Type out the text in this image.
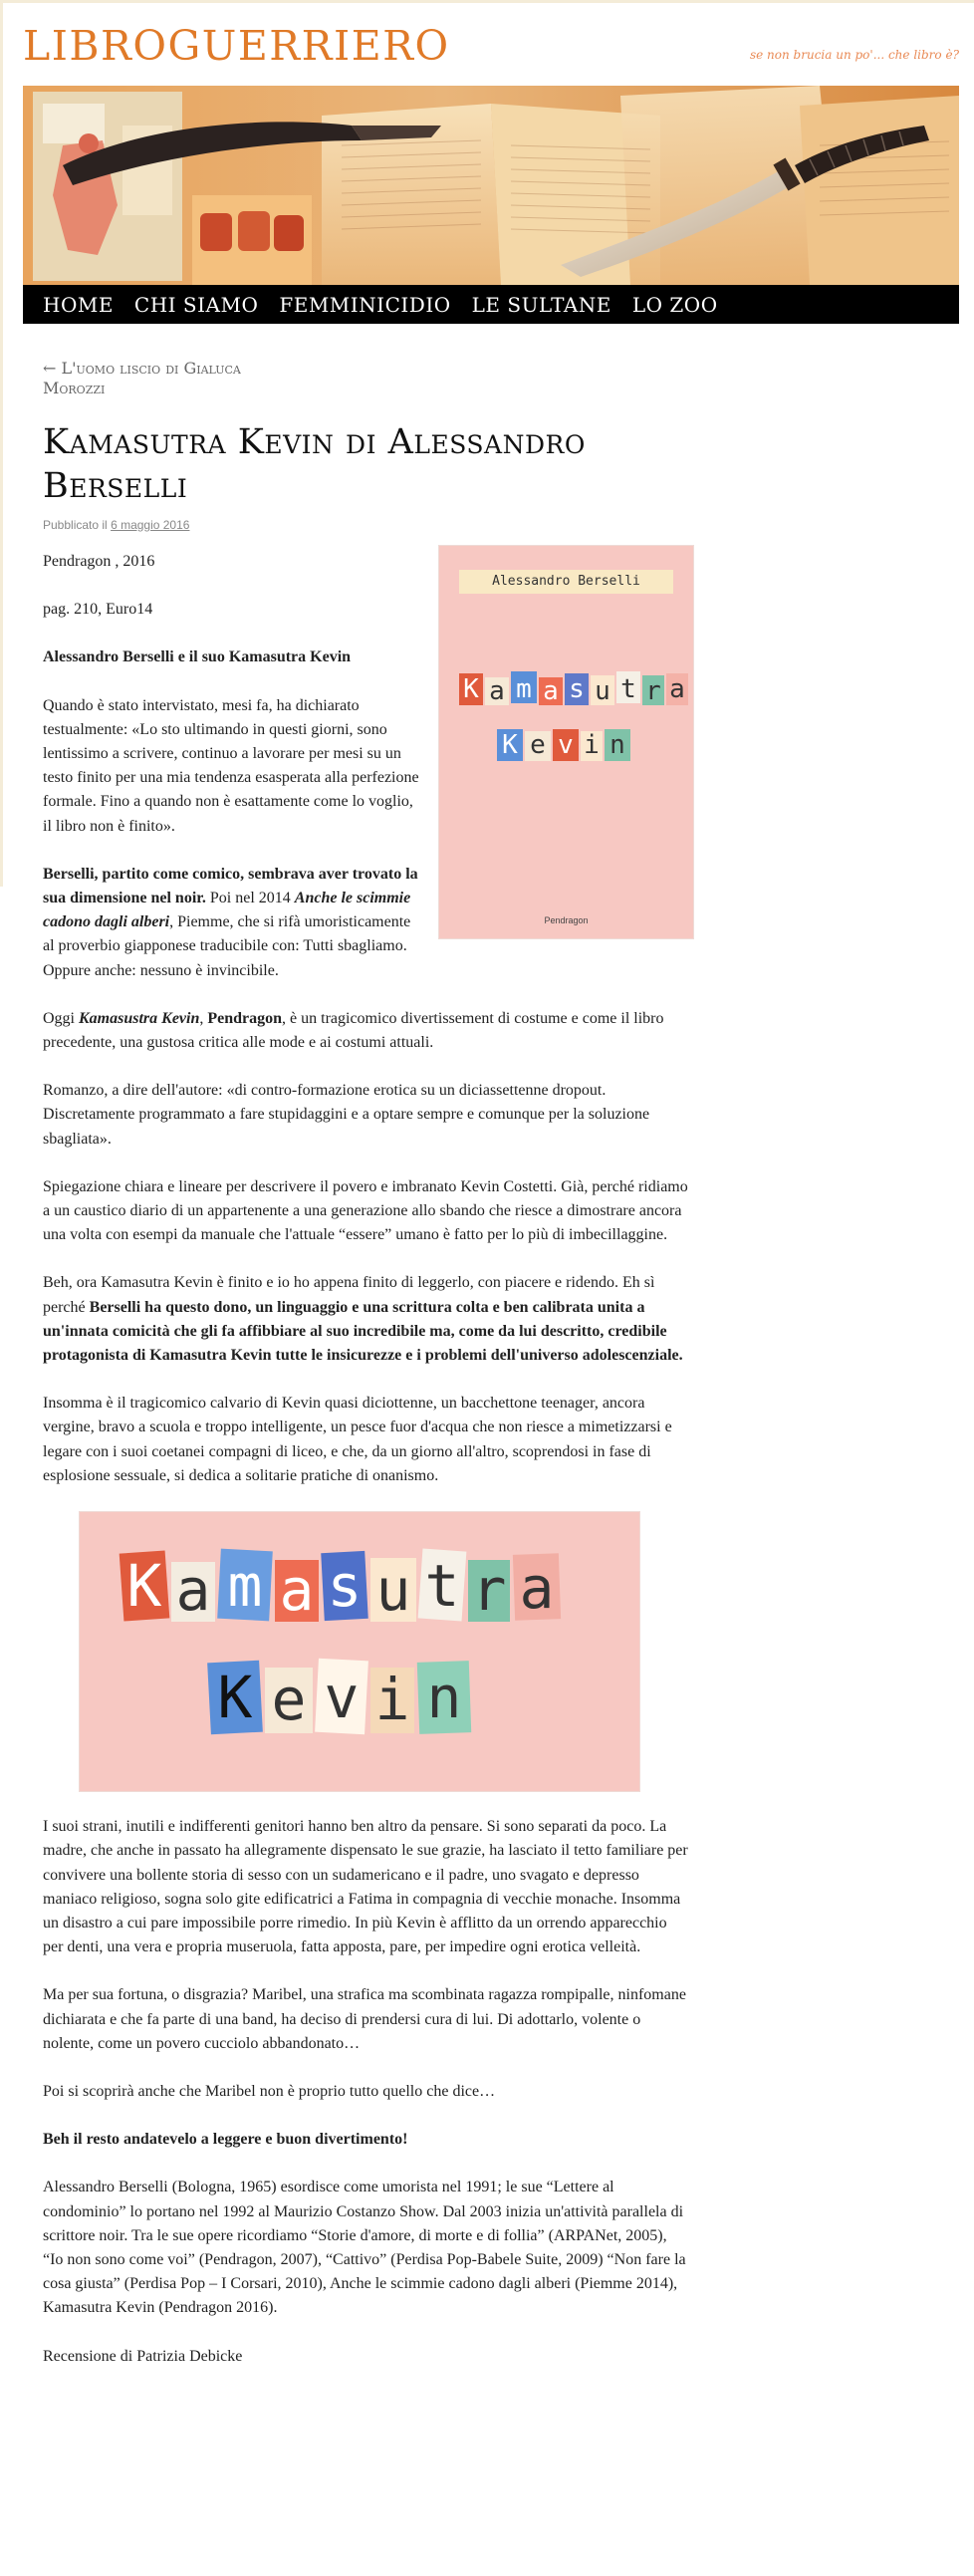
LIBROGUERRIERO	se non brucia un po'... che libro è?
HOME CHI SIAMO FEMMINICIDIO LE SULTANE LO ZOO
← L'uomo liscio di Gialuca Morozzi
Kamasutra Kevin di Alessandro Berselli
Pubblicato il 6 maggio 2016
Alessandro Berselli
K a m a s u t r a
K e v i n
Pendragon

Pendragon , 2016

pag. 210, Euro14

Alessandro Berselli e il suo Kamasutra Kevin

Quando è stato intervistato, mesi fa, ha dichiarato testualmente: «Lo sto ultimando in questi giorni, sono lentissimo a scrivere, continuo a lavorare per mesi su un testo finito per una mia tendenza esasperata alla perfezione formale. Fino a quando non è esattamente come lo voglio, il libro non è finito».

Berselli, partito come comico, sembrava aver trovato la sua dimensione nel noir. Poi nel 2014 Anche le scimmie cadono dagli alberi, Piemme, che si rifà umoristicamente al proverbio giapponese traducibile con: Tutti sbagliamo. Oppure anche: nessuno è invincibile.

Oggi Kamasustra Kevin, Pendragon, è un tragicomico divertissement di costume e come il libro precedente, una gustosa critica alle mode e ai costumi attuali.

Romanzo, a dire dell'autore: «di contro-formazione erotica su un diciassettenne dropout. Discretamente programmato a fare stupidaggini e a optare sempre e comunque per la soluzione sbagliata».

Spiegazione chiara e lineare per descrivere il povero e imbranato Kevin Costetti. Già, perché ridiamo a un caustico diario di un appartenente a una generazione allo sbando che riesce a dimostrare ancora una volta con esempi da manuale che l'attuale “essere” umano è fatto per lo più di imbecillaggine.

Beh, ora Kamasutra Kevin è finito e io ho appena finito di leggerlo, con piacere e ridendo. Eh sì perché Berselli ha questo dono, un linguaggio e una scrittura colta e ben calibrata unita a un'innata comicità che gli fa affibbiare al suo incredibile ma, come da lui descritto, credibile protagonista di Kamasutra Kevin tutte le insicurezze e i problemi dell'universo adolescenziale.

Insomma è il tragicomico calvario di Kevin quasi diciottenne, un bacchettone teenager, ancora vergine, bravo a scuola e troppo intelligente, un pesce fuor d'acqua che non riesce a mimetizzarsi e legare con i suoi coetanei compagni di liceo, e che, da un giorno all'altro, scoprendosi in fase di esplosione sessuale, si dedica a solitarie pratiche di onanismo.

K a m a s u t r a
K e v i n

I suoi strani, inutili e indifferenti genitori hanno ben altro da pensare. Si sono separati da poco. La madre, che anche in passato ha allegramente dispensato le sue grazie, ha lasciato il tetto familiare per convivere una bollente storia di sesso con un sudamericano e il padre, uno svagato e depresso maniaco religioso, sogna solo gite edificatrici a Fatima in compagnia di vecchie monache. Insomma un disastro a cui pare impossibile porre rimedio. In più Kevin è afflitto da un orrendo apparecchio per denti, una vera e propria museruola, fatta apposta, pare, per impedire ogni erotica velleità.

Ma per sua fortuna, o disgrazia? Maribel, una strafica ma scombinata ragazza rompipalle, ninfomane dichiarata e che fa parte di una band, ha deciso di prendersi cura di lui. Di adottarlo, volente o nolente, come un povero cucciolo abbandonato…

Poi si scoprirà anche che Maribel non è proprio tutto quello che dice…

Beh il resto andatevelo a leggere e buon divertimento!

Alessandro Berselli (Bologna, 1965) esordisce come umorista nel 1991; le sue “Lettere al condominio” lo portano nel 1992 al Maurizio Costanzo Show. Dal 2003 inizia un'attività parallela di scrittore noir. Tra le sue opere ricordiamo “Storie d'amore, di morte e di follia” (ARPANet, 2005), “Io non sono come voi” (Pendragon, 2007), “Cattivo” (Perdisa Pop-Babele Suite, 2009) “Non fare la cosa giusta” (Perdisa Pop – I Corsari, 2010), Anche le scimmie cadono dagli alberi (Piemme 2014), Kamasutra Kevin (Pendragon 2016).

Recensione di Patrizia Debicke
